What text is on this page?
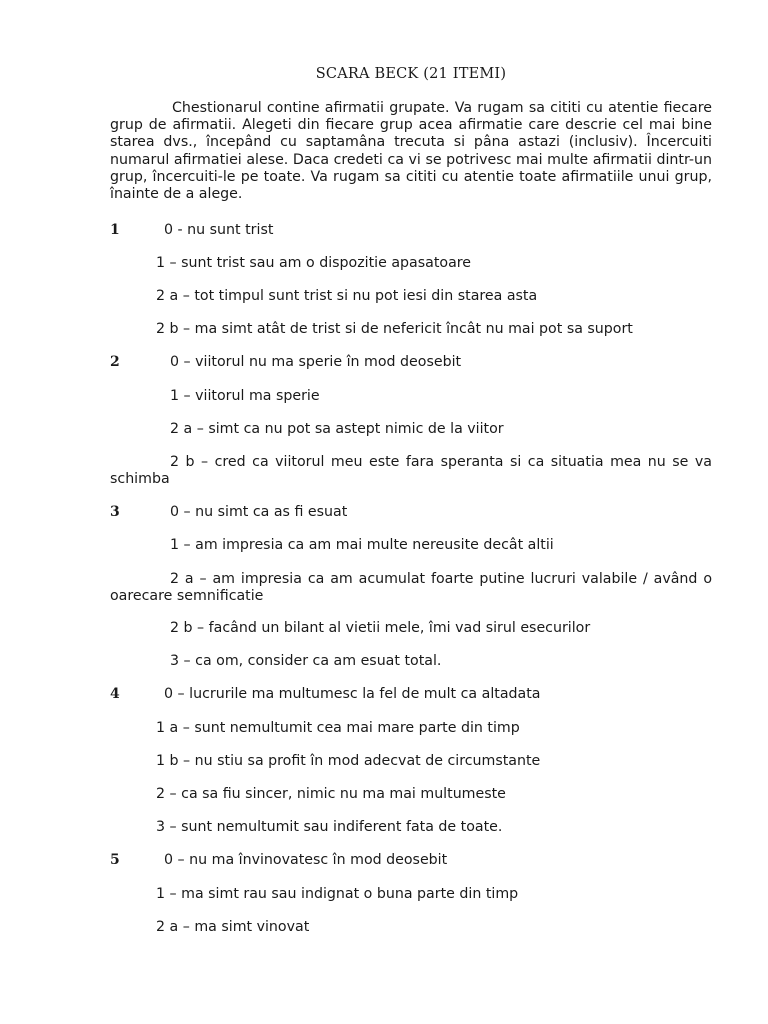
SCARA BECK (21 ITEMI)

Chestionarul contine afirmatii grupate. Va rugam sa cititi cu atentie fiecare grup de afirmatii. Alegeti din fiecare grup acea afirmatie care descrie cel mai bine starea dvs., începând cu saptamâna trecuta si pâna astazi (inclusiv). Încercuiti numarul afirmatiei alese. Daca credeti ca vi se potrivesc mai multe afirmatii dintr-un grup, încercuiti-le pe toate. Va rugam sa cititi cu atentie toate afirmatiile unui grup, înainte de a alege.

1	0 - nu sunt trist
1 – sunt trist sau am o dispozitie apasatoare
2 a – tot timpul sunt trist si nu pot iesi din starea asta
2 b – ma simt atât de trist si de nefericit încât nu mai pot sa suport
2	0 – viitorul nu ma sperie în mod deosebit
1 – viitorul ma sperie
2 a – simt ca nu pot sa astept nimic de la viitor
2 b – cred ca viitorul meu este fara speranta si ca situatia mea nu se va schimba
3	0 – nu simt ca as fi esuat
1 – am impresia ca am mai multe nereusite decât altii
2 a – am impresia ca am acumulat foarte putine lucruri valabile / având o oarecare semnificatie
2 b – facând un bilant al vietii mele, îmi vad sirul esecurilor
3 – ca om, consider ca am esuat total.
4	0 – lucrurile ma multumesc la fel de mult ca altadata
1 a – sunt nemultumit cea mai mare parte din timp
1 b – nu stiu sa profit în mod adecvat de circumstante
2 – ca sa fiu sincer, nimic nu ma mai multumeste
3 – sunt nemultumit sau indiferent fata de toate.
5	0 – nu ma învinovatesc în mod deosebit
1 – ma simt rau sau indignat o buna parte din timp
2 a – ma simt vinovat
